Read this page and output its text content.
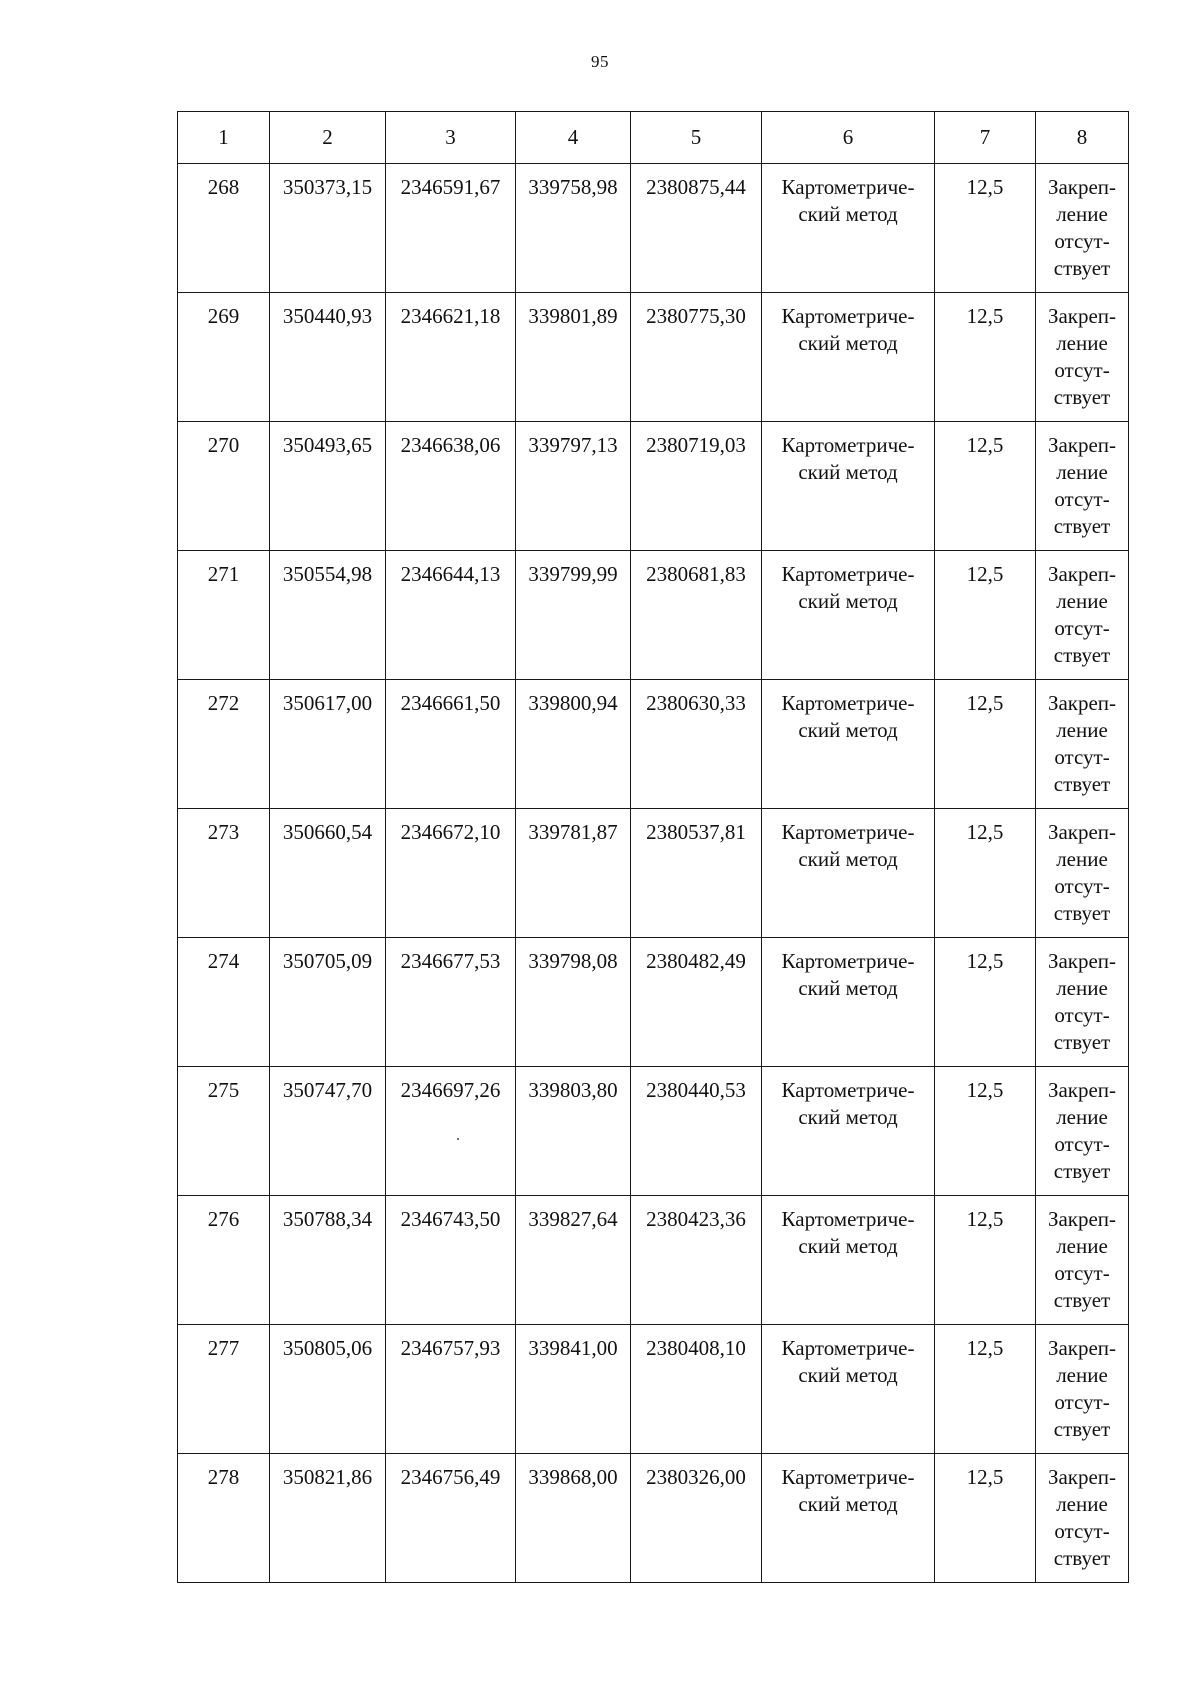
95
1	2	3	4	5	6	7	8
268	350373,15	2346591,67	339758,98	2380875,44	Картометриче-
ский метод	12,5	Закреп-
ление
отсут-
ствует
269	350440,93	2346621,18	339801,89	2380775,30	Картометриче-
ский метод	12,5	Закреп-
ление
отсут-
ствует
270	350493,65	2346638,06	339797,13	2380719,03	Картометриче-
ский метод	12,5	Закреп-
ление
отсут-
ствует
271	350554,98	2346644,13	339799,99	2380681,83	Картометриче-
ский метод	12,5	Закреп-
ление
отсут-
ствует
272	350617,00	2346661,50	339800,94	2380630,33	Картометриче-
ский метод	12,5	Закреп-
ление
отсут-
ствует
273	350660,54	2346672,10	339781,87	2380537,81	Картометриче-
ский метод	12,5	Закреп-
ление
отсут-
ствует
274	350705,09	2346677,53	339798,08	2380482,49	Картометриче-
ский метод	12,5	Закреп-
ление
отсут-
ствует
275	350747,70	2346697,26	339803,80	2380440,53	Картометриче-
ский метод	12,5	Закреп-
ление
отсут-
ствует
276	350788,34	2346743,50	339827,64	2380423,36	Картометриче-
ский метод	12,5	Закреп-
ление
отсут-
ствует
277	350805,06	2346757,93	339841,00	2380408,10	Картометриче-
ский метод	12,5	Закреп-
ление
отсут-
ствует
278	350821,86	2346756,49	339868,00	2380326,00	Картометриче-
ский метод	12,5	Закреп-
ление
отсут-
ствует
